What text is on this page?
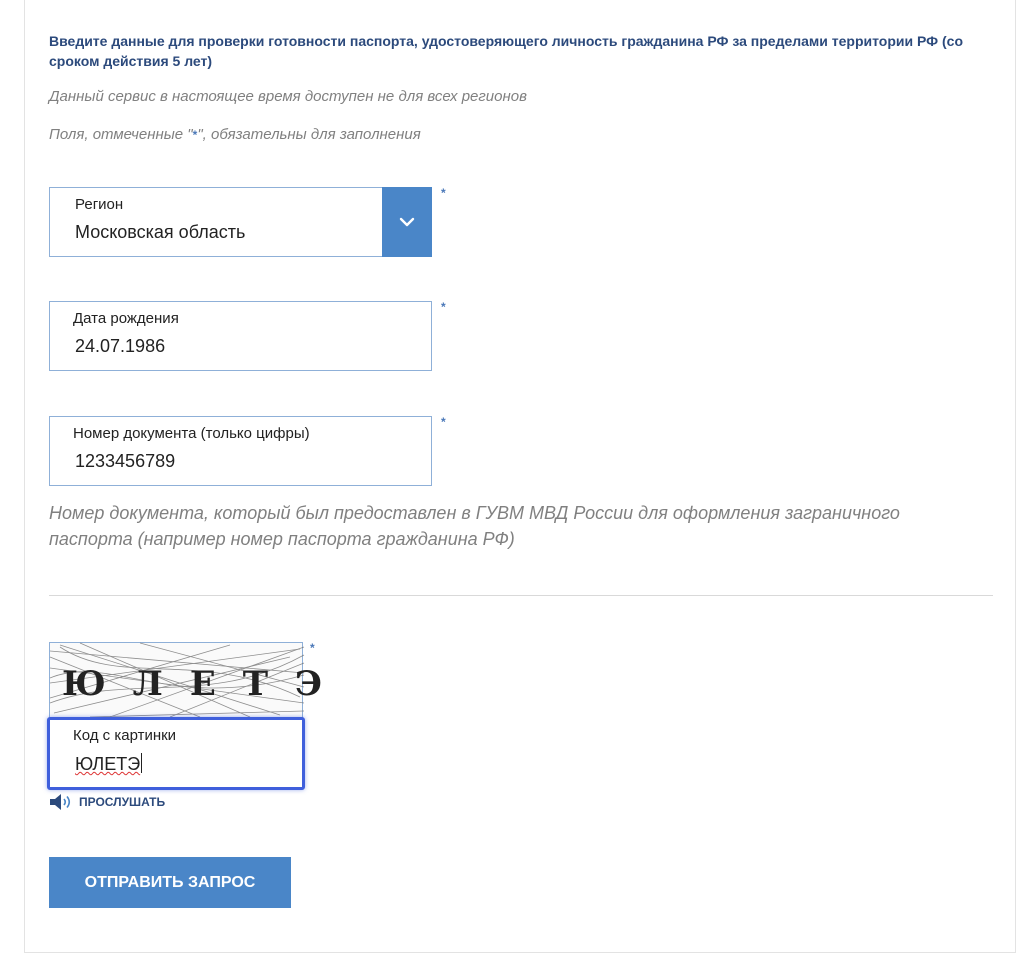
Введите данные для проверки готовности паспорта, удостоверяющего личность гражданина РФ за пределами территории РФ (со сроком действия 5 лет)
Данный сервис в настоящее время доступен не для всех регионов
Поля, отмеченные "*", обязательны для заполнения
Регион
Московская область
*
Дата рождения
24.07.1986
*
Номер документа (только цифры)
1233456789
*
Номер документа, который был предоставлен в ГУВМ МВД России для оформления заграничного паспорта (например номер паспорта гражданина РФ)
ЮЛЕТЭ
*
Код с картинки
ЮЛЕТЭ
ПРОСЛУШАТЬ
ОТПРАВИТЬ ЗАПРОС
